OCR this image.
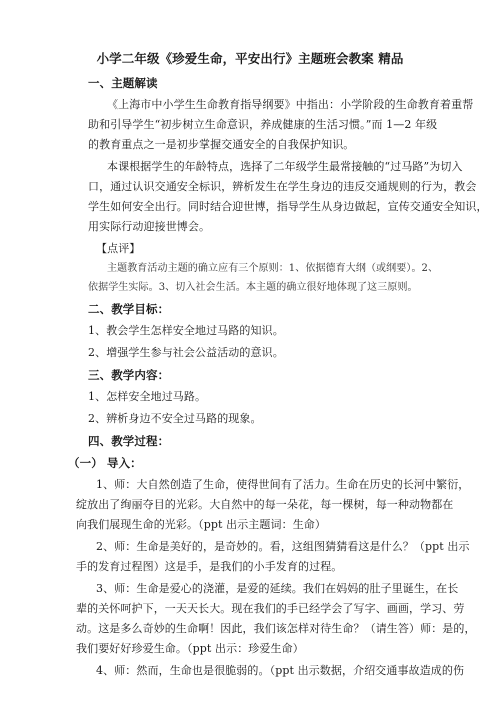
小学二年级《珍爱生命，平安出行》主题班会教案 精品
一、主题解读
《上海市中小学生生命教育指导纲要》中指出：小学阶段的生命教育着重帮
助和引导学生“初步树立生命意识，养成健康的生活习惯。”而 1—2 年级
的教育重点之一是初步掌握交通安全的自我保护知识。
本课根据学生的年龄特点，选择了二年级学生最常接触的“过马路”为切入
口，通过认识交通安全标识，辨析发生在学生身边的违反交通规则的行为，教会
学生如何安全出行。同时结合迎世博，指导学生从身边做起，宣传交通安全知识，
用实际行动迎接世博会。
【点评】
主题教育活动主题的确立应有三个原则：1、依据德育大纲（或纲要）。2、
依据学生实际。3、切入社会生活。本主题的确立很好地体现了这三原则。
二、教学目标：
1、教会学生怎样安全地过马路的知识。
2、增强学生参与社会公益活动的意识。
三、教学内容：
1、怎样安全地过马路。
2、辨析身边不安全过马路的现象。
四、教学过程：
（一） 导入：
1、师：大自然创造了生命，使得世间有了活力。生命在历史的长河中繁衍，
绽放出了绚丽夺目的光彩。大自然中的每一朵花，每一棵树，每一种动物都在
向我们展现生命的光彩。（ppt 出示主题词：生命）
2、师：生命是美好的，是奇妙的。看，这组图猜猜看这是什么？（ppt 出示
手的发育过程图）这是手，是我们的小手发育的过程。
3、师：生命是爱心的浇灌，是爱的延续。我们在妈妈的肚子里诞生，在长
辈的关怀呵护下，一天天长大。现在我们的手已经学会了写字、画画，学习、劳
动。这是多么奇妙的生命啊！因此，我们该怎样对待生命？（请生答）师：是的，
我们要好好珍爱生命。（ppt 出示：珍爱生命）
4、师：然而，生命也是很脆弱的。（ppt 出示数据，介绍交通事故造成的伤
